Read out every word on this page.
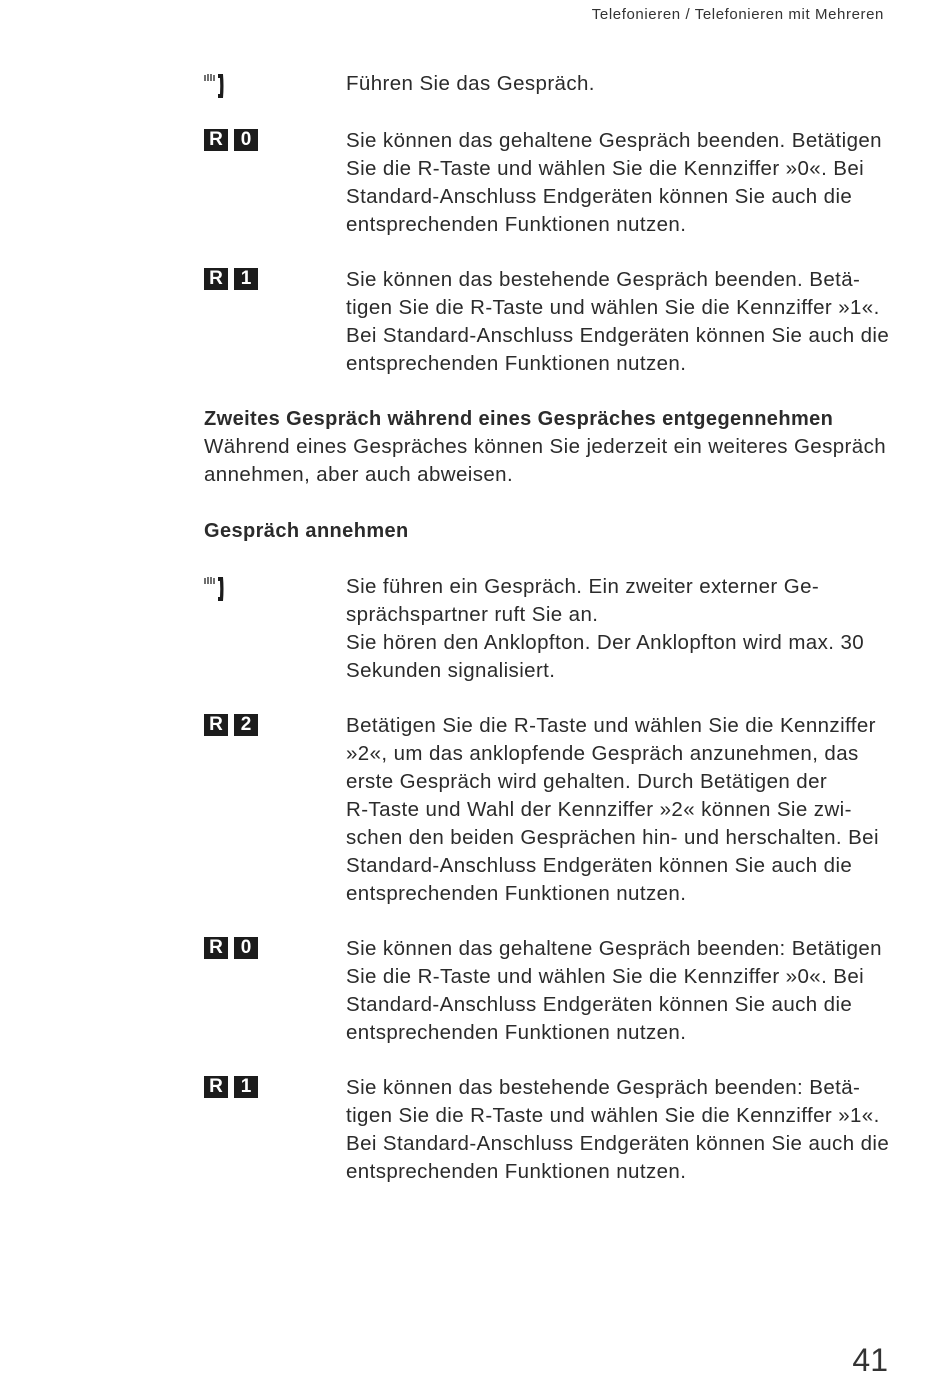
Telefonieren / Telefonieren mit Mehreren
Führen Sie das Gespräch.
R 0	Sie können das gehaltene Gespräch beenden. Betätigen
Sie die R-Taste und wählen Sie die Kennziffer »0«. Bei
Standard-Anschluss Endgeräten können Sie auch die
entsprechenden Funktionen nutzen.
R 1	Sie können das bestehende Gespräch beenden. Betä-
tigen Sie die R-Taste und wählen Sie die Kennziffer »1«.
Bei Standard-Anschluss Endgeräten können Sie auch die
entsprechenden Funktionen nutzen.
Zweites Gespräch während eines Gespräches entgegennehmen
Während eines Gespräches können Sie jederzeit ein weiteres Gespräch
annehmen, aber auch abweisen.
Gespräch annehmen
Sie führen ein Gespräch. Ein zweiter externer Ge-
sprächspartner ruft Sie an.
Sie hören den Anklopfton. Der Anklopfton wird max. 30
Sekunden signalisiert.
R 2	Betätigen Sie die R-Taste und wählen Sie die Kennziffer
»2«, um das anklopfende Gespräch anzunehmen, das
erste Gespräch wird gehalten. Durch Betätigen der
R-Taste und Wahl der Kennziffer »2« können Sie zwi-
schen den beiden Gesprächen hin- und herschalten. Bei
Standard-Anschluss Endgeräten können Sie auch die
entsprechenden Funktionen nutzen.
R 0	Sie können das gehaltene Gespräch beenden: Betätigen
Sie die R-Taste und wählen Sie die Kennziffer »0«. Bei
Standard-Anschluss Endgeräten können Sie auch die
entsprechenden Funktionen nutzen.
R 1	Sie können das bestehende Gespräch beenden: Betä-
tigen Sie die R-Taste und wählen Sie die Kennziffer »1«.
Bei Standard-Anschluss Endgeräten können Sie auch die
entsprechenden Funktionen nutzen.
41
